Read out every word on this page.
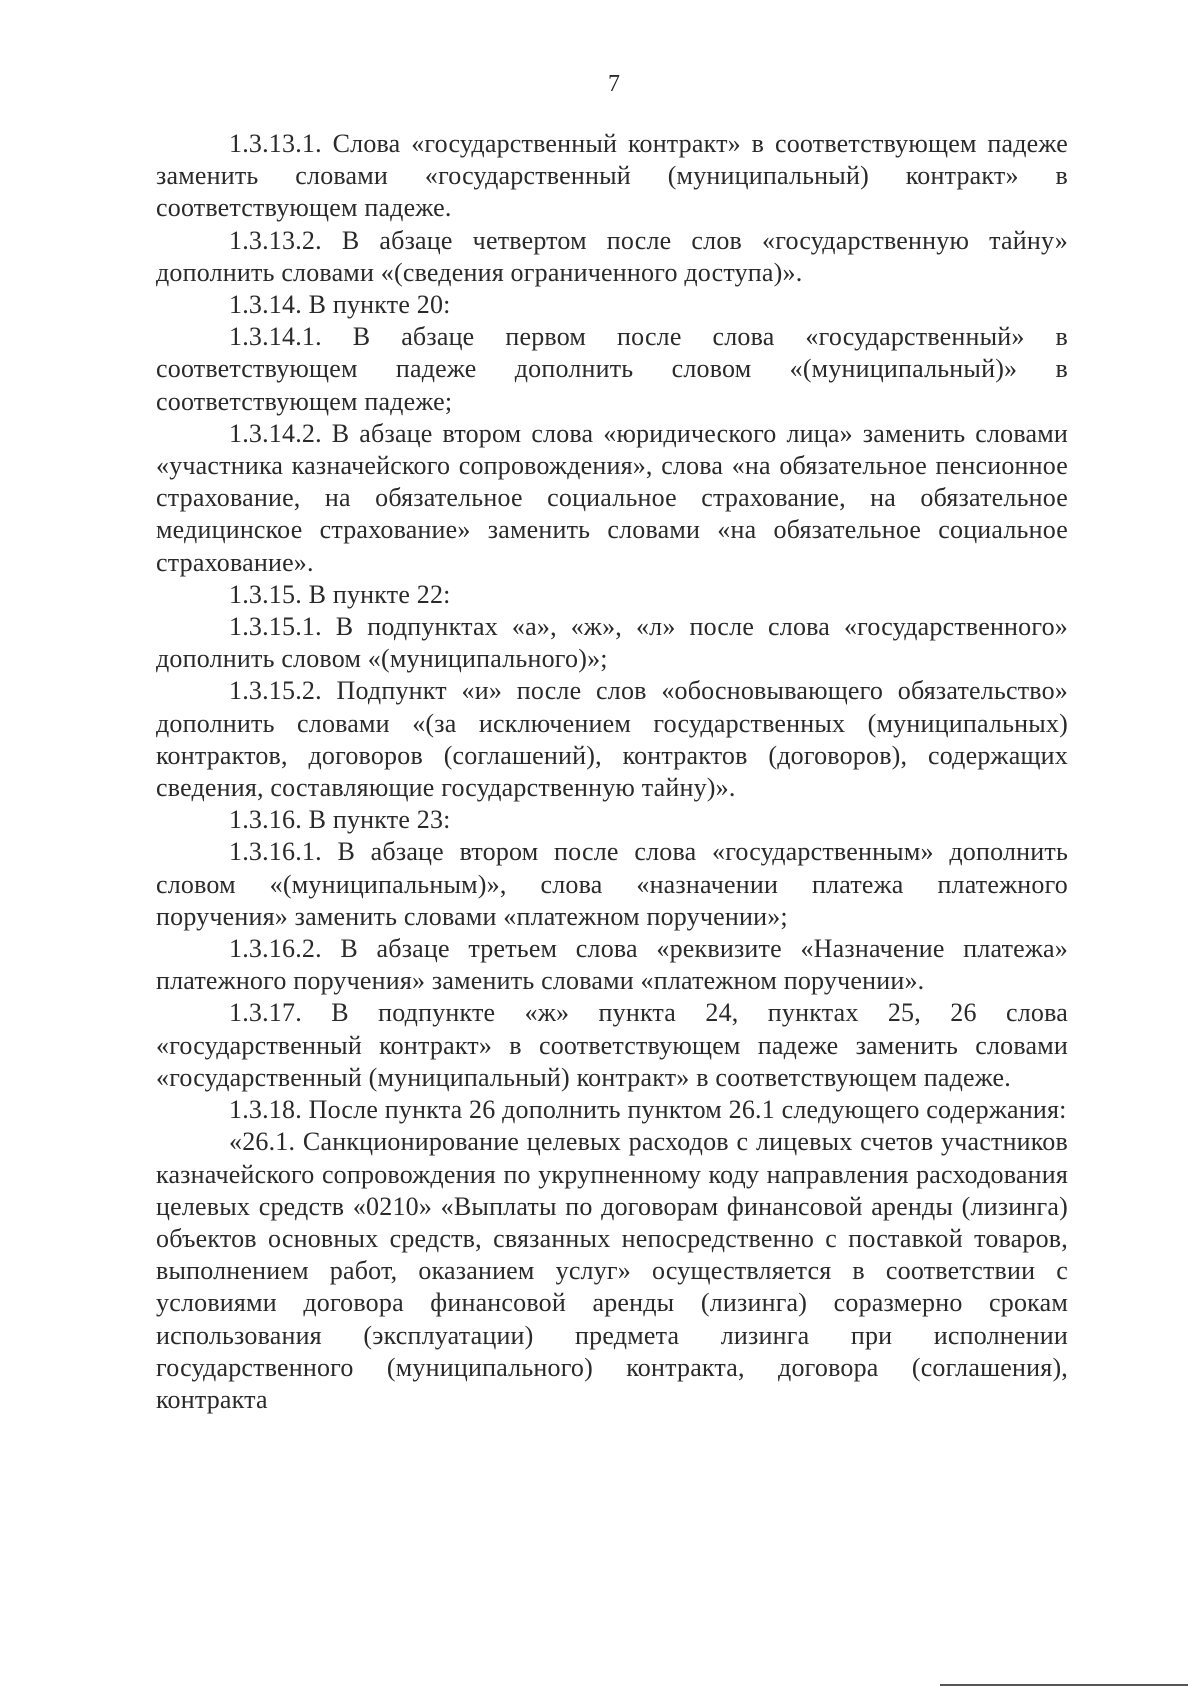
7

1.3.13.1. Слова «государственный контракт» в соответствующем падеже заменить словами «государственный (муниципальный) контракт» в соответствующем падеже.

1.3.13.2. В абзаце четвертом после слов «государственную тайну» дополнить словами «(сведения ограниченного доступа)».

1.3.14. В пункте 20:

1.3.14.1. В абзаце первом после слова «государственный» в соответствующем падеже дополнить словом «(муниципальный)» в соответствующем падеже;

1.3.14.2. В абзаце втором слова «юридического лица» заменить словами «участника казначейского сопровождения», слова «на обязательное пенсионное страхование, на обязательное социальное страхование, на обязательное медицинское страхование» заменить словами «на обязательное социальное страхование».

1.3.15. В пункте 22:

1.3.15.1. В подпунктах «а», «ж», «л» после слова «государственного» дополнить словом «(муниципального)»;

1.3.15.2. Подпункт «и» после слов «обосновывающего обязательство» дополнить словами «(за исключением государственных (муниципальных) контрактов, договоров (соглашений), контрактов (договоров), содержащих сведения, составляющие государственную тайну)».

1.3.16. В пункте 23:

1.3.16.1. В абзаце втором после слова «государственным» дополнить словом «(муниципальным)», слова «назначении платежа платежного поручения» заменить словами «платежном поручении»;

1.3.16.2. В абзаце третьем слова «реквизите «Назначение платежа» платежного поручения» заменить словами «платежном поручении».

1.3.17. В подпункте «ж» пункта 24, пунктах 25, 26 слова «государственный контракт» в соответствующем падеже заменить словами «государственный (муниципальный) контракт» в соответствующем падеже.

1.3.18. После пункта 26 дополнить пунктом 26.1 следующего содержания:

«26.1. Санкционирование целевых расходов с лицевых счетов участников казначейского сопровождения по укрупненному коду направления расходования целевых средств «0210» «Выплаты по договорам финансовой аренды (лизинга) объектов основных средств, связанных непосредственно с поставкой товаров, выполнением работ, оказанием услуг» осуществляется в соответствии с условиями договора финансовой аренды (лизинга) соразмерно срокам использования (эксплуатации) предмета лизинга при исполнении государственного (муниципального) контракта, договора (соглашения), контракта
